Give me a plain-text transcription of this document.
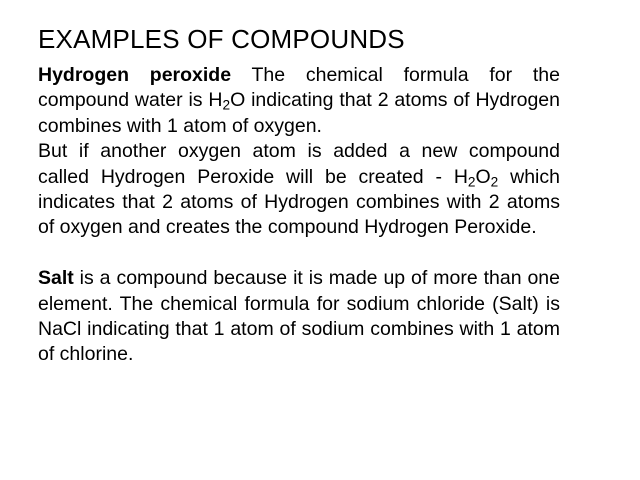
EXAMPLES OF COMPOUNDS

Hydrogen peroxide The chemical formula for the compound water is $H_2O$ indicating that 2 atoms of Hydrogen combines with 1 atom of oxygen.

But if another oxygen atom is added a new compound called Hydrogen Peroxide will be created - $H_2O_2$ which indicates that 2 atoms of Hydrogen combines with 2 atoms of oxygen and creates the compound Hydrogen Peroxide.

Salt is a compound because it is made up of more than one element. The chemical formula for sodium chloride (Salt) is NaCl indicating that 1 atom of sodium combines with 1 atom of chlorine.
